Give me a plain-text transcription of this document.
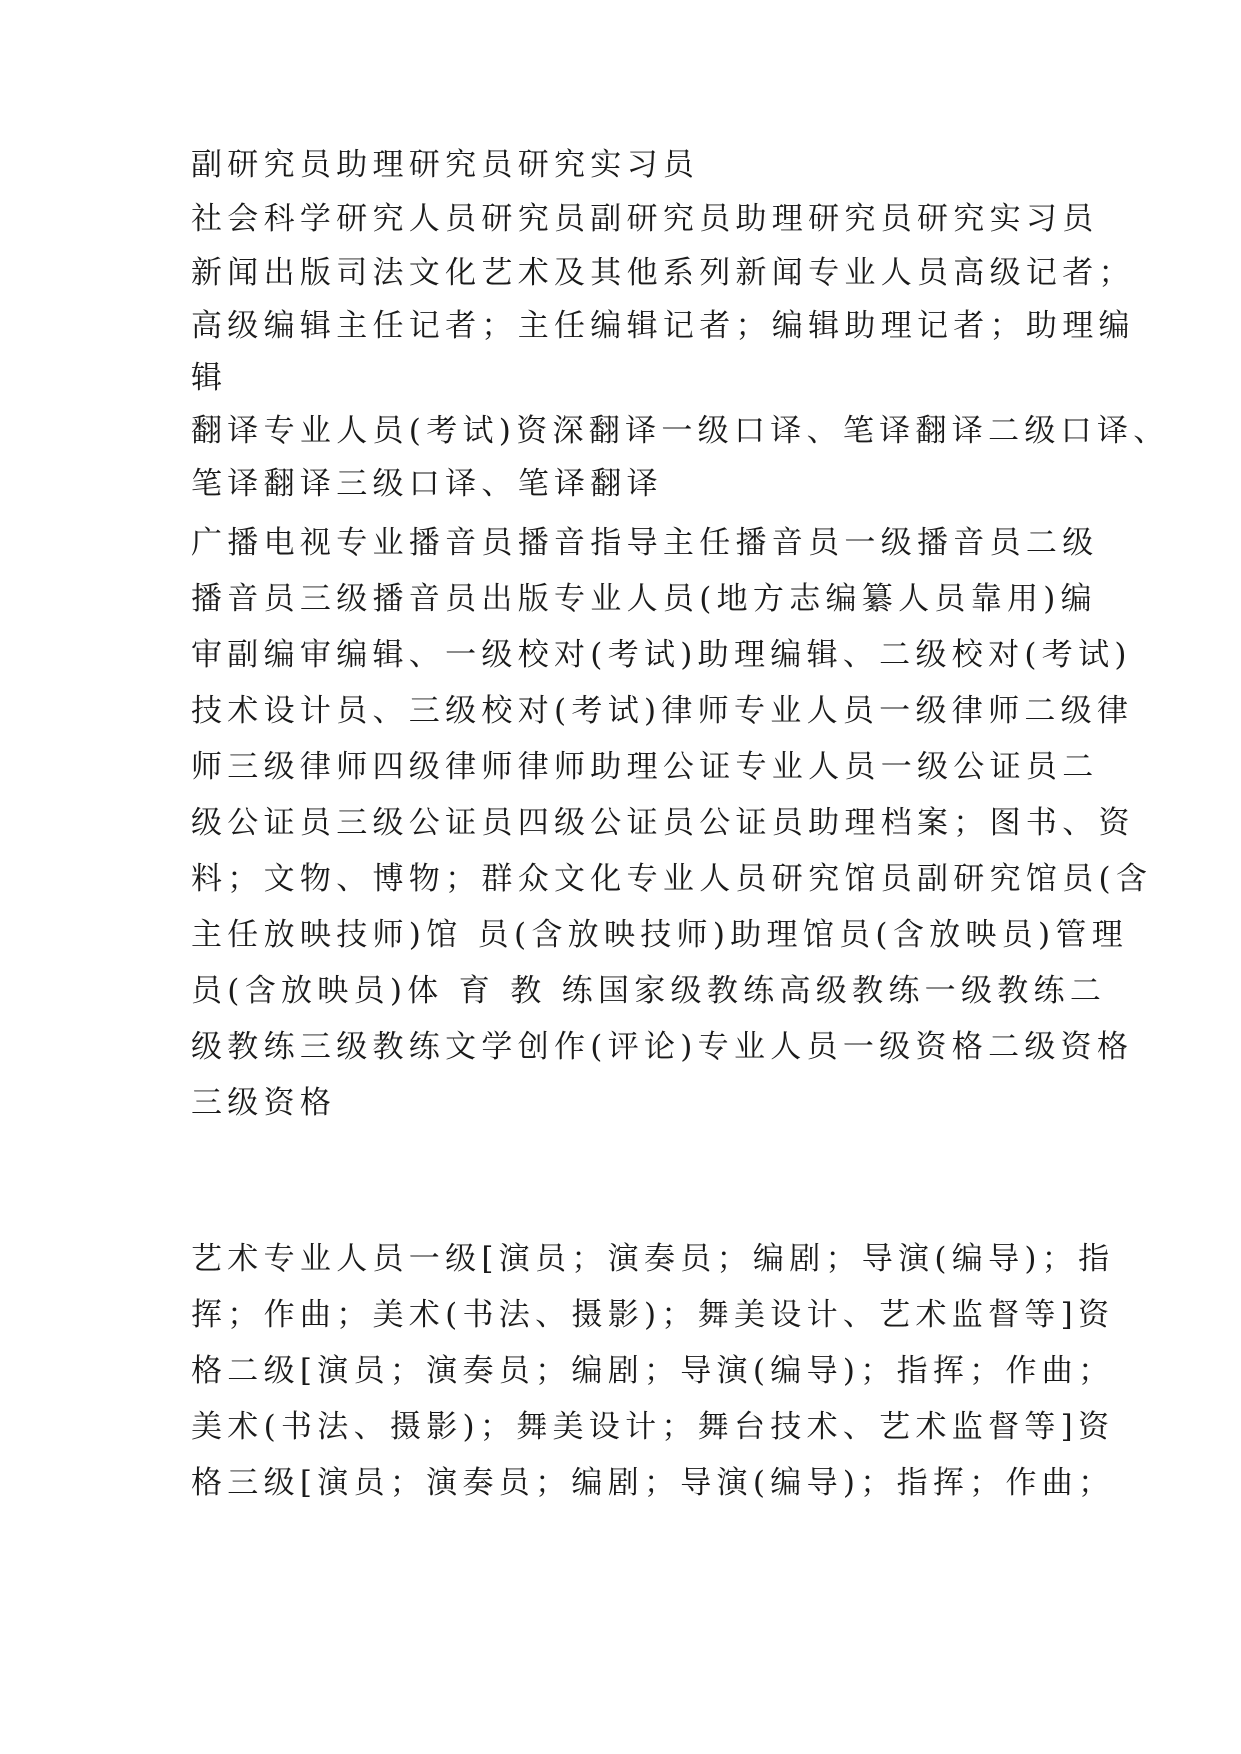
副研究员助理研究员研究实习员
社会科学研究人员研究员副研究员助理研究员研究实习员
新闻出版司法文化艺术及其他系列新闻专业人员高级记者；
高级编辑主任记者；主任编辑记者；编辑助理记者；助理编
辑
翻译专业人员(考试)资深翻译一级口译、笔译翻译二级口译、
笔译翻译三级口译、笔译翻译
广播电视专业播音员播音指导主任播音员一级播音员二级
播音员三级播音员出版专业人员(地方志编纂人员靠用)编
审副编审编辑、一级校对(考试)助理编辑、二级校对(考试)
技术设计员、三级校对(考试)律师专业人员一级律师二级律
师三级律师四级律师律师助理公证专业人员一级公证员二
级公证员三级公证员四级公证员公证员助理档案；图书、资
料；文物、博物；群众文化专业人员研究馆员副研究馆员(含
主任放映技师)馆 员(含放映技师)助理馆员(含放映员)管理
员(含放映员)体 育 教 练国家级教练高级教练一级教练二
级教练三级教练文学创作(评论)专业人员一级资格二级资格
三级资格
艺术专业人员一级[演员；演奏员；编剧；导演(编导)；指
挥；作曲；美术(书法、摄影)；舞美设计、艺术监督等]资
格二级[演员；演奏员；编剧；导演(编导)；指挥；作曲；
美术(书法、摄影)；舞美设计；舞台技术、艺术监督等]资
格三级[演员；演奏员；编剧；导演(编导)；指挥；作曲；
